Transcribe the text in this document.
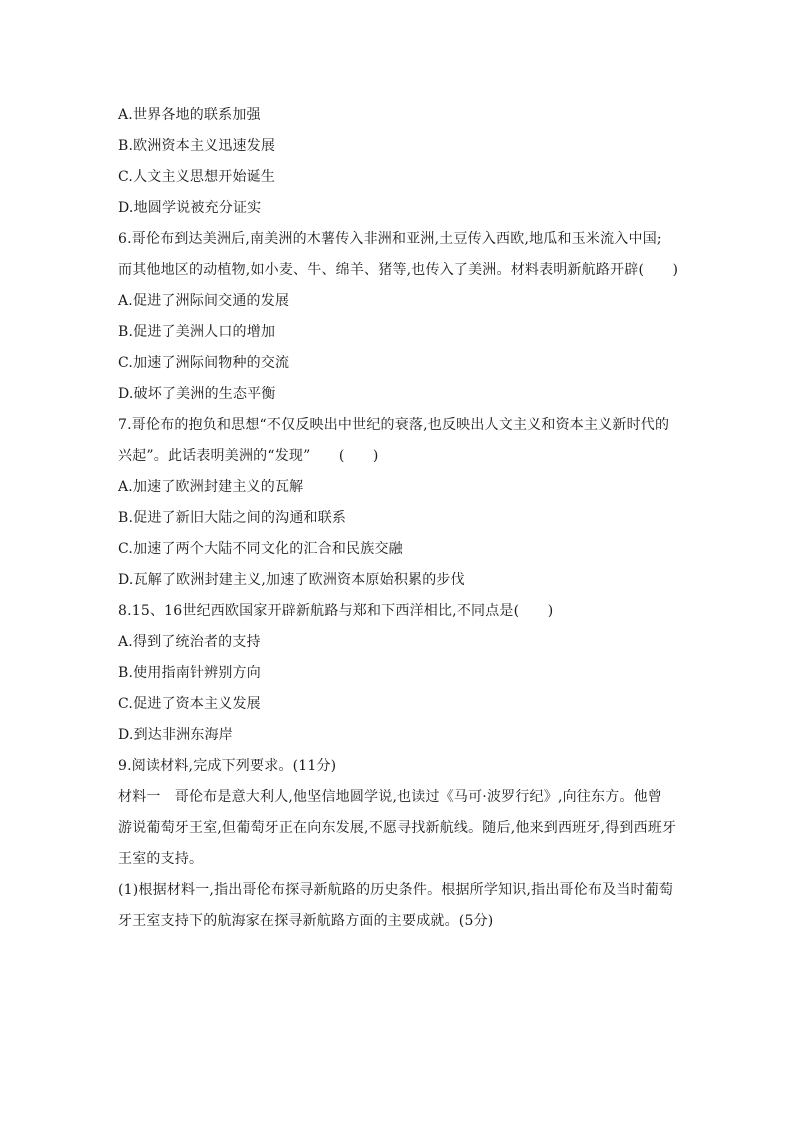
A.世界各地的联系加强
B.欧洲资本主义迅速发展
C.人文主义思想开始诞生
D.地圆学说被充分证实
6.哥伦布到达美洲后,南美洲的木薯传入非洲和亚洲,土豆传入西欧,地瓜和玉米流入中国;
而其他地区的动植物,如小麦、牛、绵羊、猪等,也传入了美洲。材料表明新航路开辟(　　)
A.促进了洲际间交通的发展
B.促进了美洲人口的增加
C.加速了洲际间物种的交流
D.破坏了美洲的生态平衡
7.哥伦布的抱负和思想“不仅反映出中世纪的衰落,也反映出人文主义和资本主义新时代的
兴起”。此话表明美洲的“发现”　　(　　)
A.加速了欧洲封建主义的瓦解
B.促进了新旧大陆之间的沟通和联系
C.加速了两个大陆不同文化的汇合和民族交融
D.瓦解了欧洲封建主义,加速了欧洲资本原始积累的步伐
8.15、16世纪西欧国家开辟新航路与郑和下西洋相比,不同点是(　　)
A.得到了统治者的支持
B.使用指南针辨别方向
C.促进了资本主义发展
D.到达非洲东海岸
9.阅读材料,完成下列要求。(11分)
材料一　哥伦布是意大利人,他坚信地圆学说,也读过《马可·波罗行纪》,向往东方。他曾
游说葡萄牙王室,但葡萄牙正在向东发展,不愿寻找新航线。随后,他来到西班牙,得到西班牙
王室的支持。
(1)根据材料一,指出哥伦布探寻新航路的历史条件。根据所学知识,指出哥伦布及当时葡萄
牙王室支持下的航海家在探寻新航路方面的主要成就。(5分)
